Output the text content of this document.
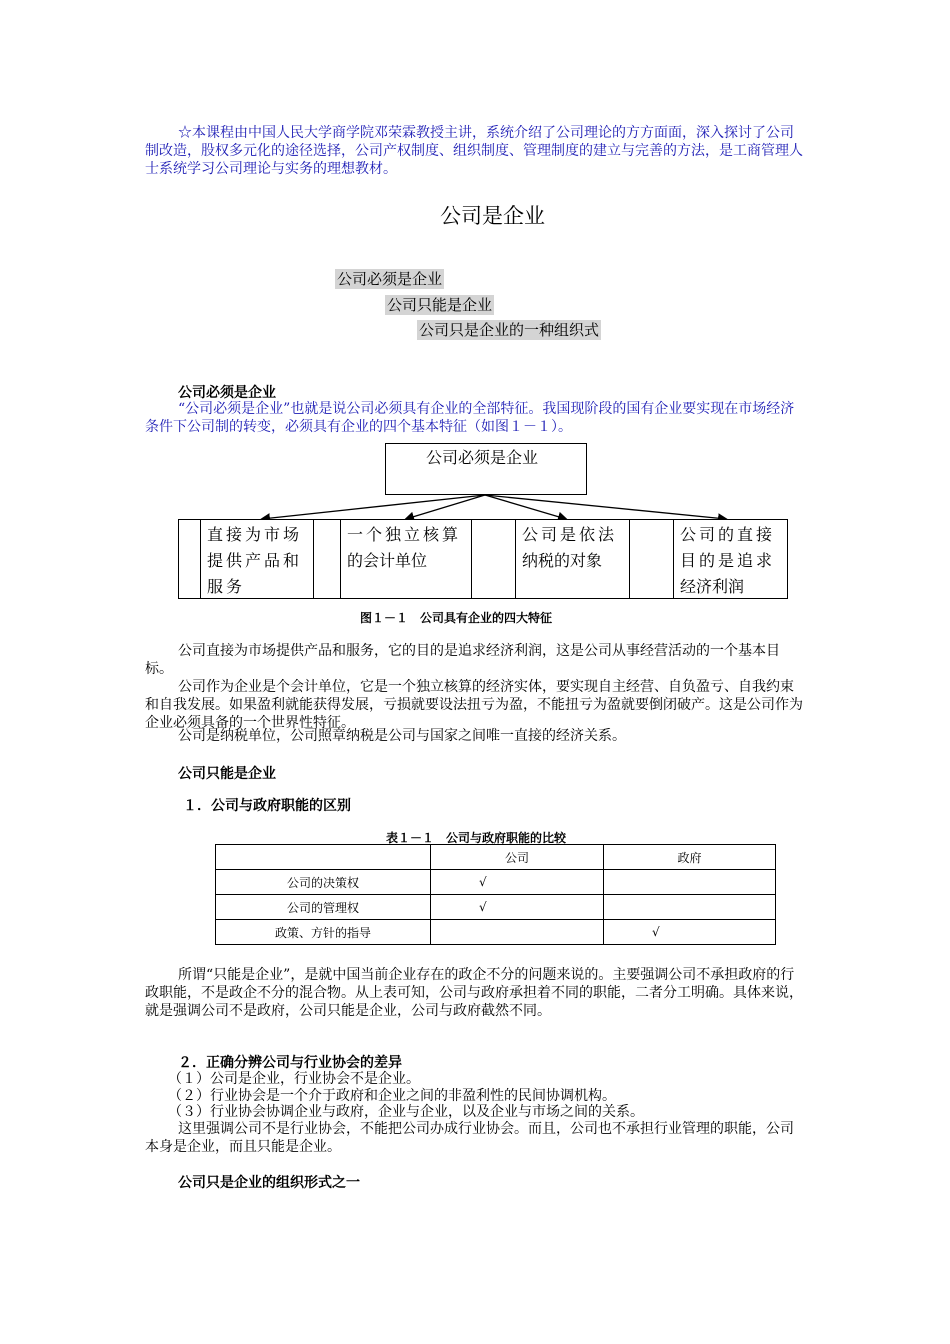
☆本课程由中国人民大学商学院邓荣霖教授主讲，系统介绍了公司理论的方方面面，深入探讨了公司制改造，股权多元化的途径选择，公司产权制度、组织制度、管理制度的建立与完善的方法，是工商管理人士系统学习公司理论与实务的理想教材。

公司是企业
公司必须是企业
公司只能是企业
公司只是企业的一种组织式
公司必须是企业

“公司必须是企业”也就是说公司必须具有企业的全部特征。我国现阶段的国有企业要实现在市场经济条件下公司制的转变，必须具有企业的四个基本特征（如图１－１）。

公司必须是企业
直接为市场
提供产品和
服务
一个独立核算
的会计单位
公司是依法
纳税的对象
公司的直接
目的是追求
经济利润
图１－１　公司具有企业的四大特征

公司直接为市场提供产品和服务，它的目的是追求经济利润，这是公司从事经营活动的一个基本目标。

公司作为企业是个会计单位，它是一个独立核算的经济实体，要实现自主经营、自负盈亏、自我约束和自我发展。如果盈利就能获得发展，亏损就要设法扭亏为盈，不能扭亏为盈就要倒闭破产。这是公司作为企业必须具备的一个世界性特征。

公司是纳税单位，公司照章纳税是公司与国家之间唯一直接的经济关系。

公司只能是企业
１．公司与政府职能的区别
表１－１　公司与政府职能的比较
	公司	政府
公司的决策权	√	
公司的管理权	√	
政策、方针的指导		√

所谓“只能是企业”，是就中国当前企业存在的政企不分的问题来说的。主要强调公司不承担政府的行政职能，不是政企不分的混合物。从上表可知，公司与政府承担着不同的职能，二者分工明确。具体来说，就是强调公司不是政府，公司只能是企业，公司与政府截然不同。

２．正确分辨公司与行业协会的差异
（１）公司是企业，行业协会不是企业。
（２）行业协会是一个介于政府和企业之间的非盈利性的民间协调机构。
（３）行业协会协调企业与政府，企业与企业，以及企业与市场之间的关系。

这里强调公司不是行业协会，不能把公司办成行业协会。而且，公司也不承担行业管理的职能，公司本身是企业，而且只能是企业。

公司只是企业的组织形式之一
